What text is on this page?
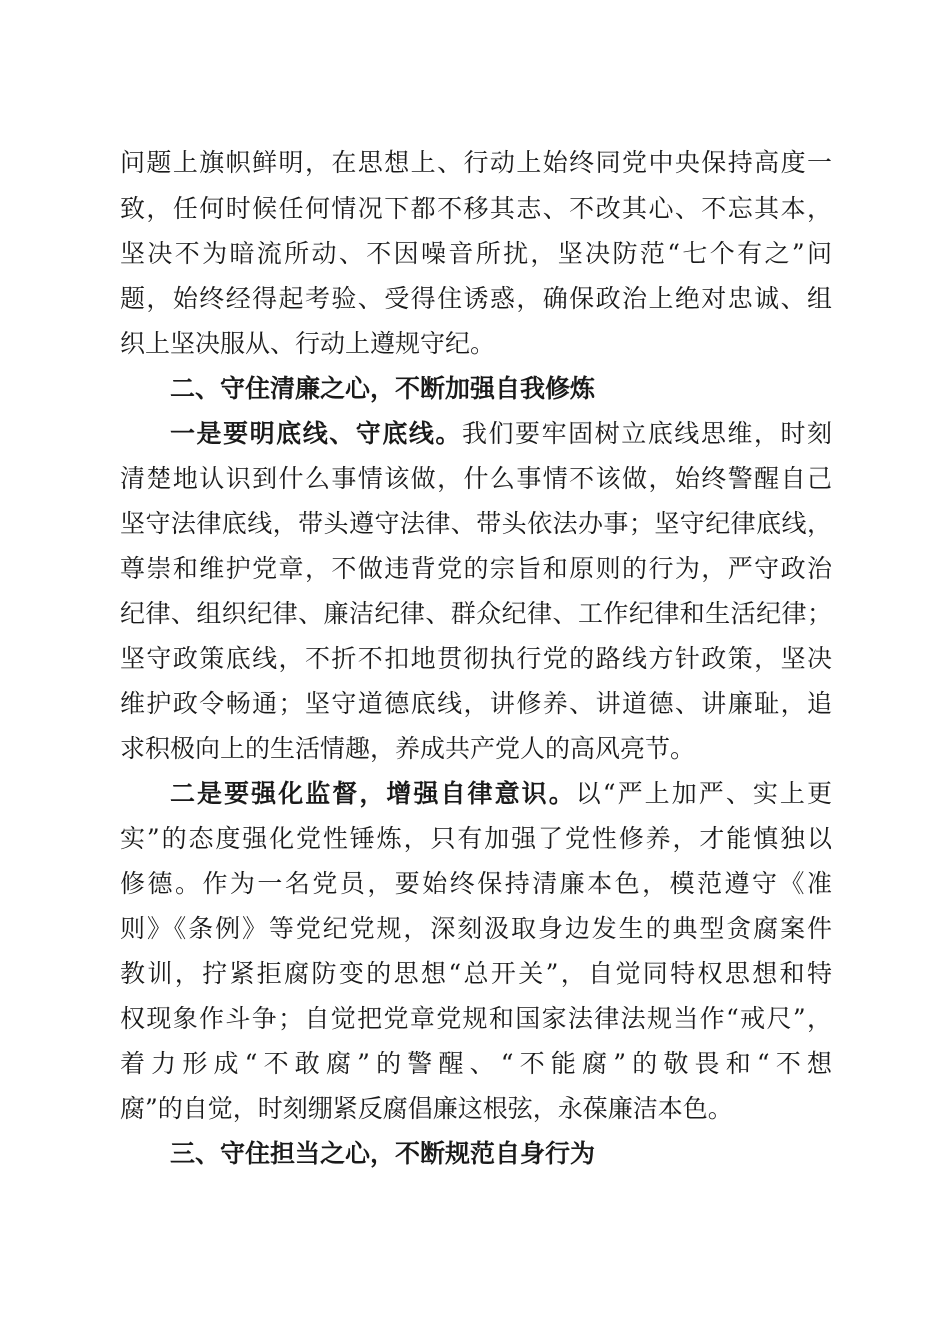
问题上旗帜鲜明，在思想上、行动上始终同党中央保持高度一
致，任何时候任何情况下都不移其志、不改其心、不忘其本，
坚决不为暗流所动、不因噪音所扰，坚决防范“七个有之”问
题，始终经得起考验、受得住诱惑，确保政治上绝对忠诚、组
织上坚决服从、行动上遵规守纪。
二、守住清廉之心，不断加强自我修炼
一是要明底线、守底线。我们要牢固树立底线思维，时刻
清楚地认识到什么事情该做，什么事情不该做，始终警醒自己
坚守法律底线，带头遵守法律、带头依法办事；坚守纪律底线，
尊崇和维护党章，不做违背党的宗旨和原则的行为，严守政治
纪律、组织纪律、廉洁纪律、群众纪律、工作纪律和生活纪律；
坚守政策底线，不折不扣地贯彻执行党的路线方针政策，坚决
维护政令畅通；坚守道德底线，讲修养、讲道德、讲廉耻，追
求积极向上的生活情趣，养成共产党人的高风亮节。
二是要强化监督，增强自律意识。以“严上加严、实上更
实”的态度强化党性锤炼，只有加强了党性修养，才能慎独以
修德。作为一名党员，要始终保持清廉本色，模范遵守《准
则》《条例》等党纪党规，深刻汲取身边发生的典型贪腐案件
教训，拧紧拒腐防变的思想“总开关”，自觉同特权思想和特
权现象作斗争；自觉把党章党规和国家法律法规当作“戒尺”，
着力形成“不敢腐”的警醒、“不能腐”的敬畏和“不想
腐”的自觉，时刻绷紧反腐倡廉这根弦，永葆廉洁本色。
三、守住担当之心，不断规范自身行为
